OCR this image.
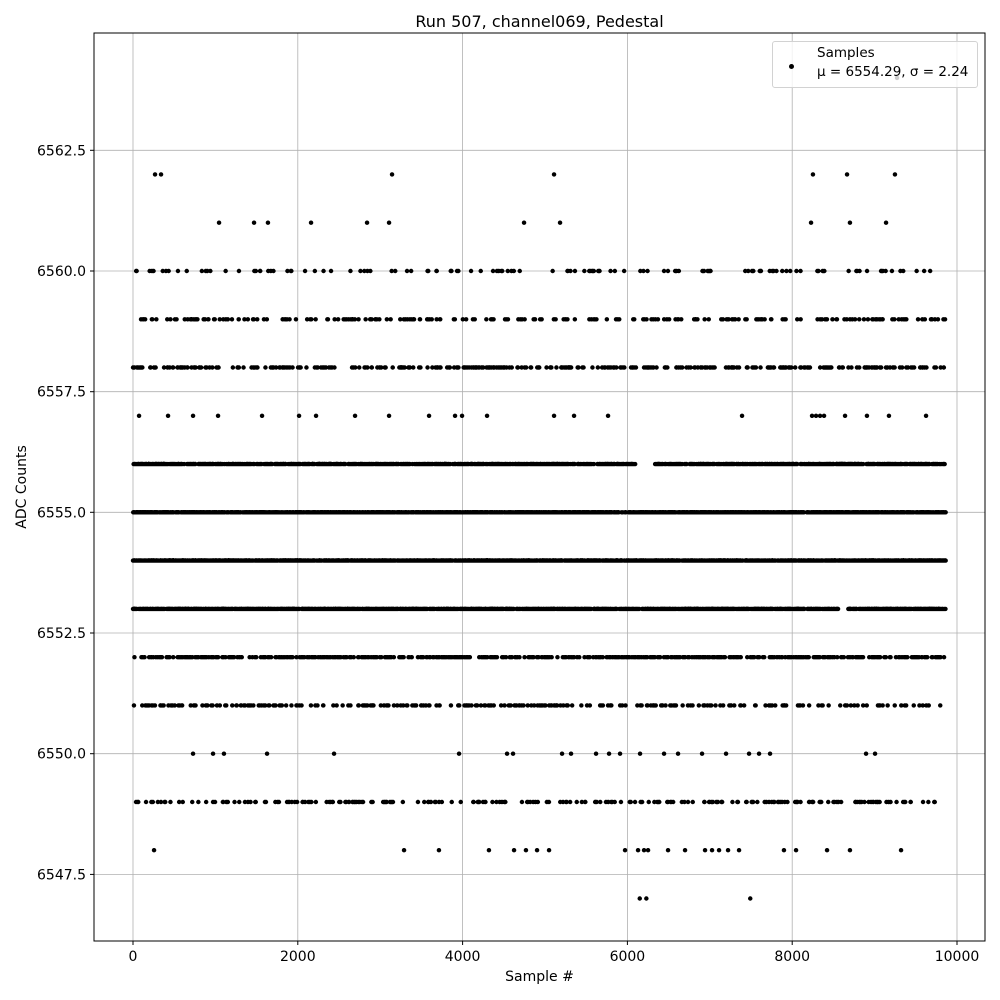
0	2000	4000	6000	8000	10000
6547.5
6550.0
6552.5
6555.0
6557.5
6560.0
6562.5
Run 507, channel069, Pedestal
Sample #
ADC Counts
Samples
μ = 6554.29, σ = 2.24
